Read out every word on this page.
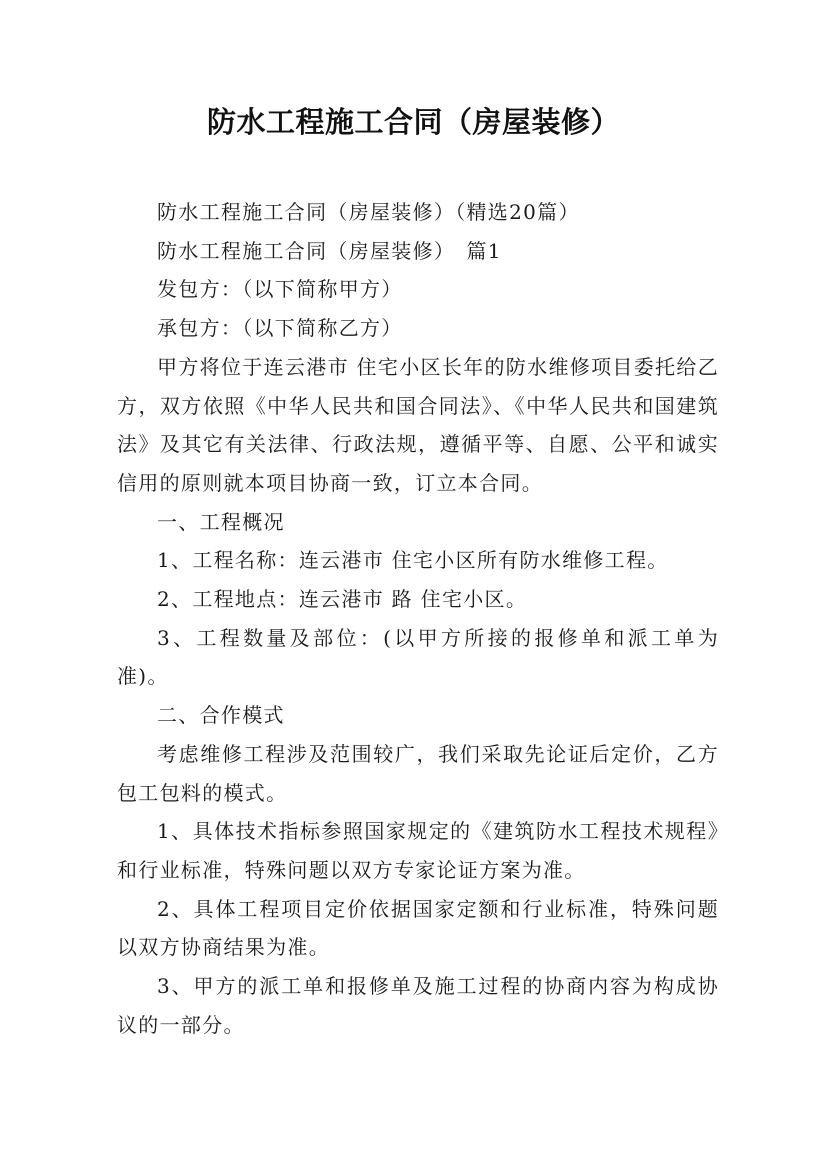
防水工程施工合同（房屋装修）

防水工程施工合同（房屋装修）（精选20篇）

防水工程施工合同（房屋装修）　篇1

发包方：（以下简称甲方）

承包方：（以下简称乙方）

甲方将位于连云港市 住宅小区长年的防水维修项目委托给乙方，双方依照《中华人民共和国合同法》、《中华人民共和国建筑法》及其它有关法律、行政法规，遵循平等、自愿、公平和诚实信用的原则就本项目协商一致，订立本合同。

一、工程概况

1、工程名称：连云港市 住宅小区所有防水维修工程。

2、工程地点：连云港市 路 住宅小区。

3、工程数量及部位：(以甲方所接的报修单和派工单为准)。

二、合作模式

考虑维修工程涉及范围较广，我们采取先论证后定价，乙方包工包料的模式。

1、具体技术指标参照国家规定的《建筑防水工程技术规程》和行业标准，特殊问题以双方专家论证方案为准。

2、具体工程项目定价依据国家定额和行业标准，特殊问题以双方协商结果为准。

3、甲方的派工单和报修单及施工过程的协商内容为构成协议的一部分。
